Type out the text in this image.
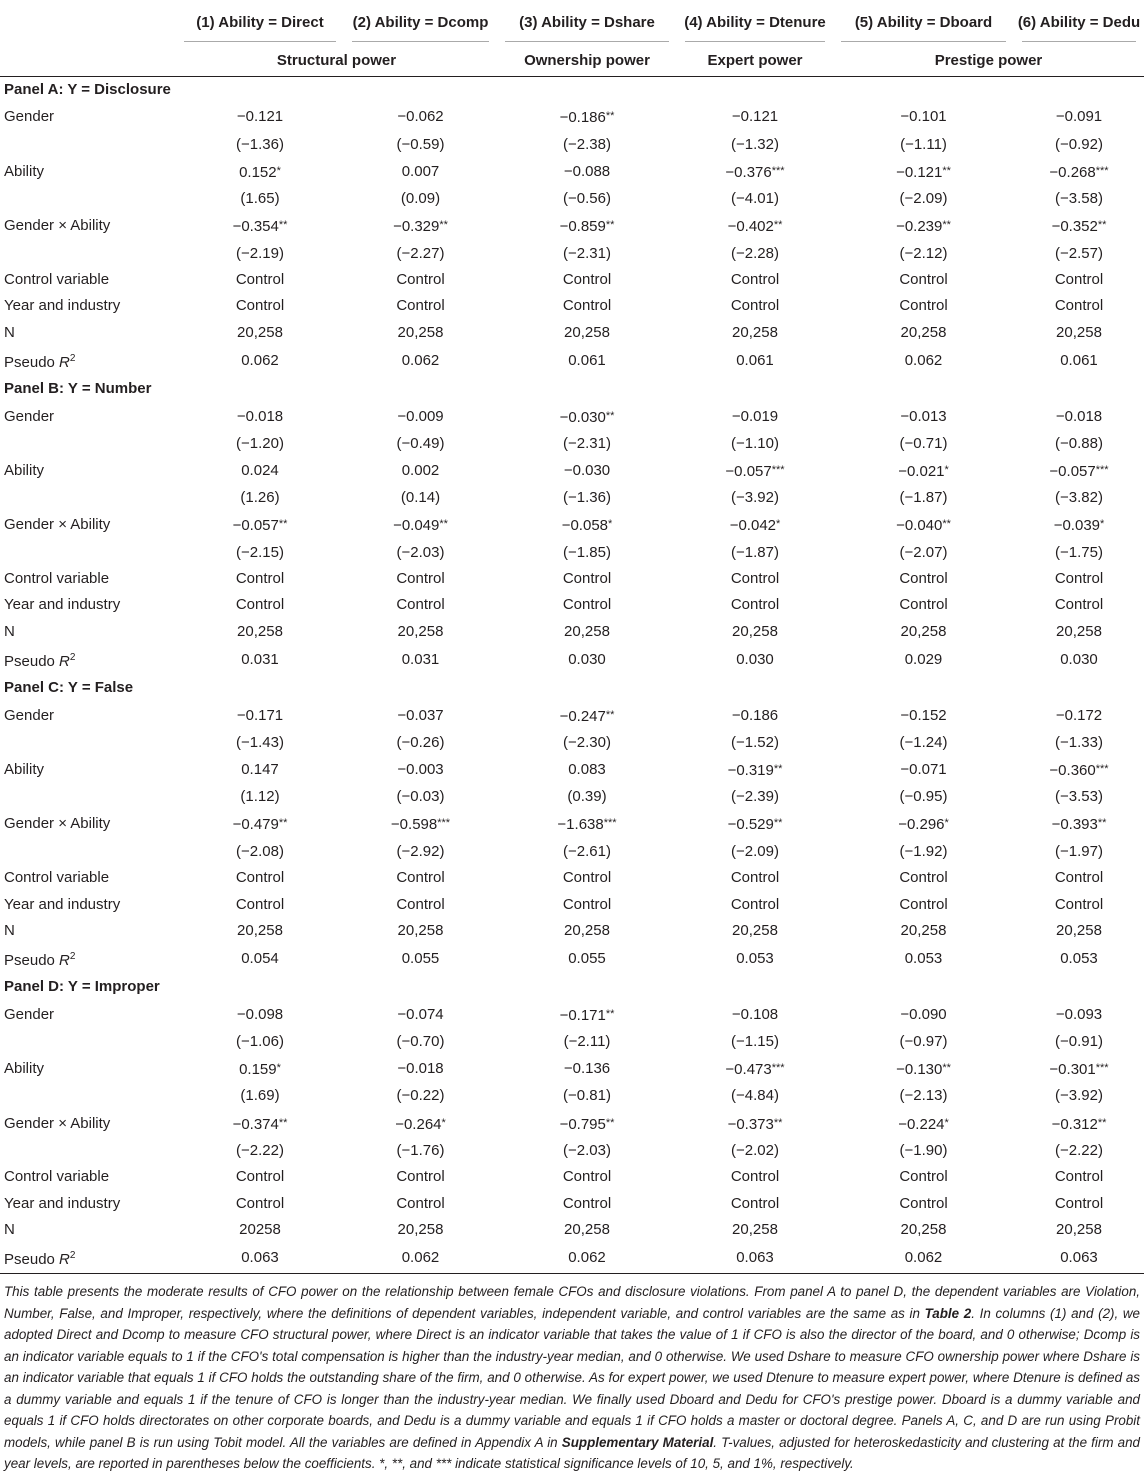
	(1) Ability = Direct	(2) Ability = Dcomp	(3) Ability = Dshare	(4) Ability = Dtenure	(5) Ability = Dboard	(6) Ability = Dedu

	Structural power		Ownership power	Expert power	Prestige power	
Panel A: Y = Disclosure						
Gender	−0.121	−0.062	−0.186**	−0.121	−0.101	−0.091
	(−1.36)	(−0.59)	(−2.38)	(−1.32)	(−1.11)	(−0.92)
Ability	0.152*	0.007	−0.088	−0.376***	−0.121**	−0.268***
	(1.65)	(0.09)	(−0.56)	(−4.01)	(−2.09)	(−3.58)
Gender × Ability	−0.354**	−0.329**	−0.859**	−0.402**	−0.239**	−0.352**
	(−2.19)	(−2.27)	(−2.31)	(−2.28)	(−2.12)	(−2.57)
Control variable	Control	Control	Control	Control	Control	Control
Year and industry	Control	Control	Control	Control	Control	Control
N	20,258	20,258	20,258	20,258	20,258	20,258
Pseudo $R^2$	0.062	0.062	0.061	0.061	0.062	0.061
Panel B: Y = Number						
Gender	−0.018	−0.009	−0.030**	−0.019	−0.013	−0.018
	(−1.20)	(−0.49)	(−2.31)	(−1.10)	(−0.71)	(−0.88)
Ability	0.024	0.002	−0.030	−0.057***	−0.021*	−0.057***
	(1.26)	(0.14)	(−1.36)	(−3.92)	(−1.87)	(−3.82)
Gender × Ability	−0.057**	−0.049**	−0.058*	−0.042*	−0.040**	−0.039*
	(−2.15)	(−2.03)	(−1.85)	(−1.87)	(−2.07)	(−1.75)
Control variable	Control	Control	Control	Control	Control	Control
Year and industry	Control	Control	Control	Control	Control	Control
N	20,258	20,258	20,258	20,258	20,258	20,258
Pseudo $R^2$	0.031	0.031	0.030	0.030	0.029	0.030
Panel C: Y = False						
Gender	−0.171	−0.037	−0.247**	−0.186	−0.152	−0.172
	(−1.43)	(−0.26)	(−2.30)	(−1.52)	(−1.24)	(−1.33)
Ability	0.147	−0.003	0.083	−0.319**	−0.071	−0.360***
	(1.12)	(−0.03)	(0.39)	(−2.39)	(−0.95)	(−3.53)
Gender × Ability	−0.479**	−0.598***	−1.638***	−0.529**	−0.296*	−0.393**
	(−2.08)	(−2.92)	(−2.61)	(−2.09)	(−1.92)	(−1.97)
Control variable	Control	Control	Control	Control	Control	Control
Year and industry	Control	Control	Control	Control	Control	Control
N	20,258	20,258	20,258	20,258	20,258	20,258
Pseudo $R^2$	0.054	0.055	0.055	0.053	0.053	0.053
Panel D: Y = Improper						
Gender	−0.098	−0.074	−0.171**	−0.108	−0.090	−0.093
	(−1.06)	(−0.70)	(−2.11)	(−1.15)	(−0.97)	(−0.91)
Ability	0.159*	−0.018	−0.136	−0.473***	−0.130**	−0.301***
	(1.69)	(−0.22)	(−0.81)	(−4.84)	(−2.13)	(−3.92)
Gender × Ability	−0.374**	−0.264*	−0.795**	−0.373**	−0.224*	−0.312**
	(−2.22)	(−1.76)	(−2.03)	(−2.02)	(−1.90)	(−2.22)
Control variable	Control	Control	Control	Control	Control	Control
Year and industry	Control	Control	Control	Control	Control	Control
N	20258	20,258	20,258	20,258	20,258	20,258
Pseudo $R^2$	0.063	0.062	0.062	0.063	0.062	0.063
This table presents the moderate results of CFO power on the relationship between female CFOs and disclosure violations. From panel A to panel D, the dependent variables are Violation, Number, False, and Improper, respectively, where the definitions of dependent variables, independent variable, and control variables are the same as in Table 2. In columns (1) and (2), we adopted Direct and Dcomp to measure CFO structural power, where Direct is an indicator variable that takes the value of 1 if CFO is also the director of the board, and 0 otherwise; Dcomp is an indicator variable equals to 1 if the CFO's total compensation is higher than the industry-year median, and 0 otherwise. We used Dshare to measure CFO ownership power where Dshare is an indicator variable that equals 1 if CFO holds the outstanding share of the firm, and 0 otherwise. As for expert power, we used Dtenure to measure expert power, where Dtenure is defined as a dummy variable and equals 1 if the tenure of CFO is longer than the industry-year median. We finally used Dboard and Dedu for CFO's prestige power. Dboard is a dummy variable and equals 1 if CFO holds directorates on other corporate boards, and Dedu is a dummy variable and equals 1 if CFO holds a master or doctoral degree. Panels A, C, and D are run using Probit models, while panel B is run using Tobit model. All the variables are defined in Appendix A in Supplementary Material. T-values, adjusted for heteroskedasticity and clustering at the firm and year levels, are reported in parentheses below the coefficients. *, **, and *** indicate statistical significance levels of 10, 5, and 1%, respectively.
